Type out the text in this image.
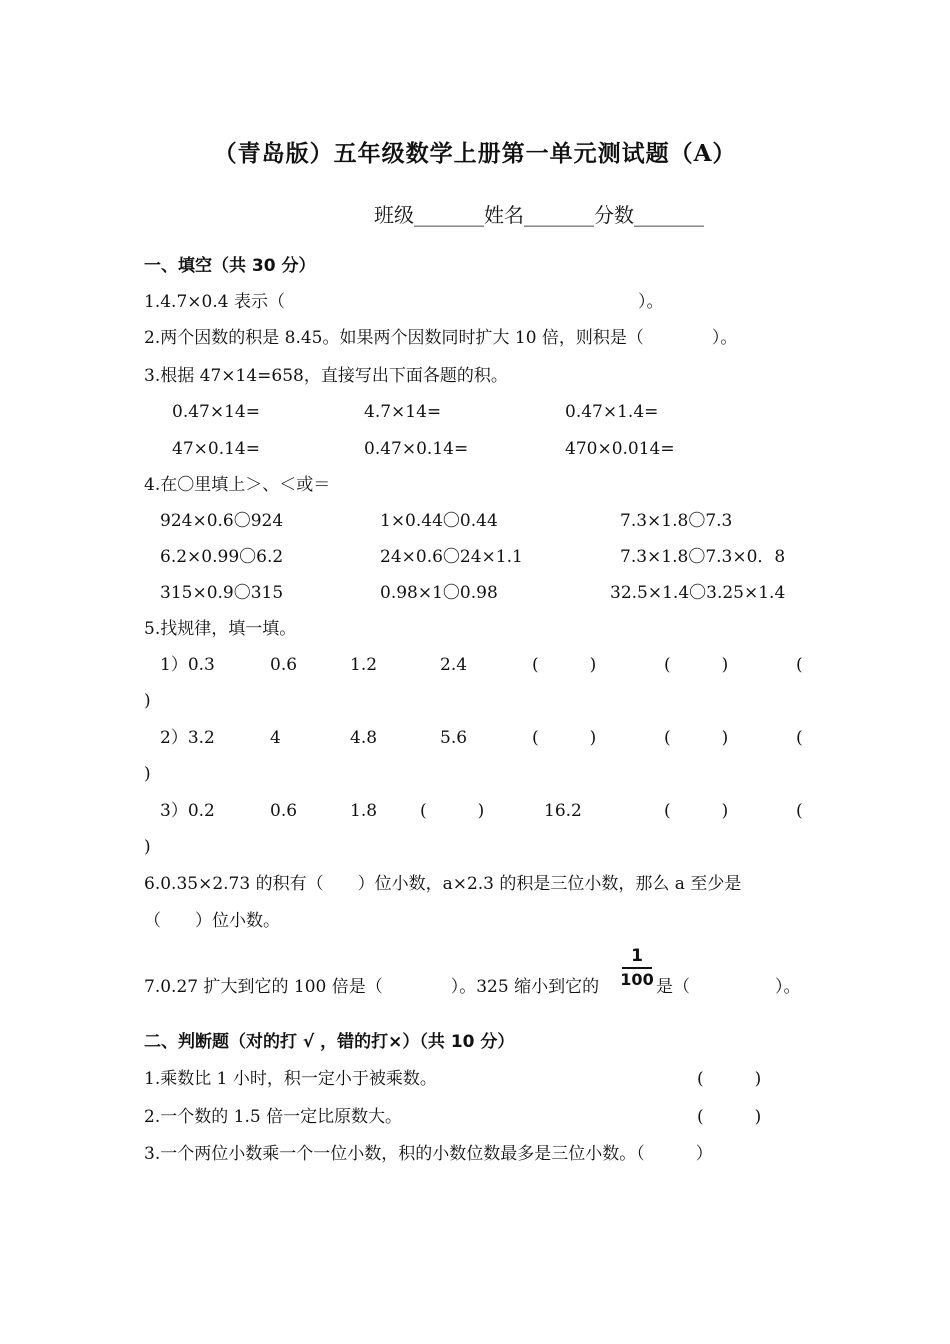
（青岛版）五年级数学上册第一单元测试题（A）
班级_______姓名_______分数_______
一、填空（共 30 分）
1.4.7×0.4 表示（	）。
2.两个因数的积是 8.45。如果两个因数同时扩大 10 倍，则积是（　　　　）。
3.根据 47×14=658，直接写出下面各题的积。
0.47×14=	4.7×14=	0.47×1.4=
47×0.14=	0.47×0.14=	470×0.014=
4.在〇里填上＞、＜或＝
924×0.6〇924	1×0.44〇0.44	7.3×1.8〇7.3
6.2×0.99〇6.2	24×0.6〇24×1.1	7.3×1.8〇7.3×0．8
315×0.9〇315	0.98×1〇0.98	32.5×1.4〇3.25×1.4
5.找规律，填一填。
1）0.3	0.6	1.2	2.4	(　　　)	(　　　)	(
)
2）3.2	4	4.8	5.6	(　　　)	(　　　)	(
)
3）0.2	0.6	1.8	(　　　)	16.2	(　　　)	(
)
6.0.35×2.73 的积有（　　）位小数，a×2.3 的积是三位小数，那么 a 至少是
（　　）位小数。
7.0.27 扩大到它的 100 倍是（　　　　）。325 缩小到它的
1
100 是（　　　　　）。
二、判断题（对的打 √ ，错的打×）（共 10 分）
1.乘数比 1 小时，积一定小于被乘数。	(　　　)
2.一个数的 1.5 倍一定比原数大。	(　　　)
3.一个两位小数乘一个一位小数，积的小数位数最多是三位小数。（　　　）
